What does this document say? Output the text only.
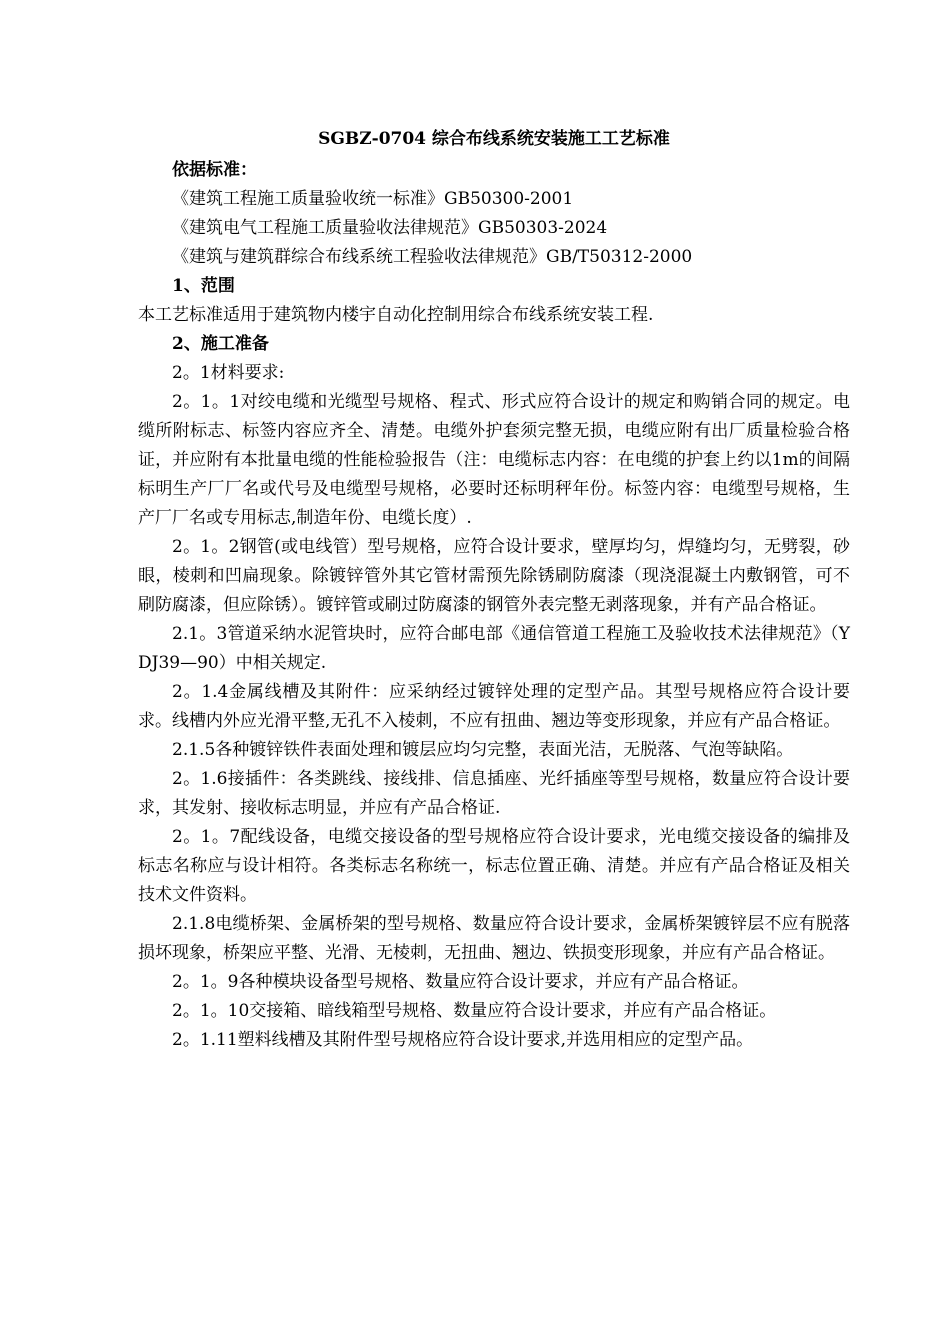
SGBZ-0704 综合布线系统安装施工工艺标准
依据标准：
《建筑工程施工质量验收统一标准》GB50300-2001
《建筑电气工程施工质量验收法律规范》GB50303-2024
《建筑与建筑群综合布线系统工程验收法律规范》GB/T50312-2000
1、范围
本工艺标准适用于建筑物内楼宇自动化控制用综合布线系统安装工程.
2、施工准备
2。1材料要求:

2。1。1对绞电缆和光缆型号规格、程式、形式应符合设计的规定和购销合同的规定。电缆所附标志、标签内容应齐全、清楚。电缆外护套须完整无损，电缆应附有出厂质量检验合格证，并应附有本批量电缆的性能检验报告（注：电缆标志内容：在电缆的护套上约以1m的间隔标明生产厂厂名或代号及电缆型号规格，必要时还标明秤年份。标签内容：电缆型号规格，生产厂厂名或专用标志,制造年份、电缆长度）.

2。1。2钢管(或电线管）型号规格，应符合设计要求，壁厚均匀，焊缝均匀，无劈裂，砂眼，棱刺和凹扁现象。除镀锌管外其它管材需预先除锈刷防腐漆（现浇混凝土内敷钢管，可不刷防腐漆，但应除锈）。镀锌管或刷过防腐漆的钢管外表完整无剥落现象，并有产品合格证。

2.1。3管道采纳水泥管块时，应符合邮电部《通信管道工程施工及验收技术法律规范》（YDJ39—90）中相关规定.

2。1.4金属线槽及其附件：应采纳经过镀锌处理的定型产品。其型号规格应符合设计要求。线槽内外应光滑平整,无孔不入棱刺，不应有扭曲、翘边等变形现象，并应有产品合格证。

2.1.5各种镀锌铁件表面处理和镀层应均匀完整，表面光洁，无脱落、气泡等缺陷。

2。1.6接插件：各类跳线、接线排、信息插座、光纤插座等型号规格，数量应符合设计要求，其发射、接收标志明显，并应有产品合格证.

2。1。7配线设备，电缆交接设备的型号规格应符合设计要求，光电缆交接设备的编排及标志名称应与设计相符。各类标志名称统一，标志位置正确、清楚。并应有产品合格证及相关技术文件资料。

2.1.8电缆桥架、金属桥架的型号规格、数量应符合设计要求，金属桥架镀锌层不应有脱落损坏现象，桥架应平整、光滑、无棱刺，无扭曲、翘边、铁损变形现象，并应有产品合格证。

2。1。9各种模块设备型号规格、数量应符合设计要求，并应有产品合格证。

2。1。10交接箱、暗线箱型号规格、数量应符合设计要求，并应有产品合格证。

2。1.11塑料线槽及其附件型号规格应符合设计要求,并选用相应的定型产品。
